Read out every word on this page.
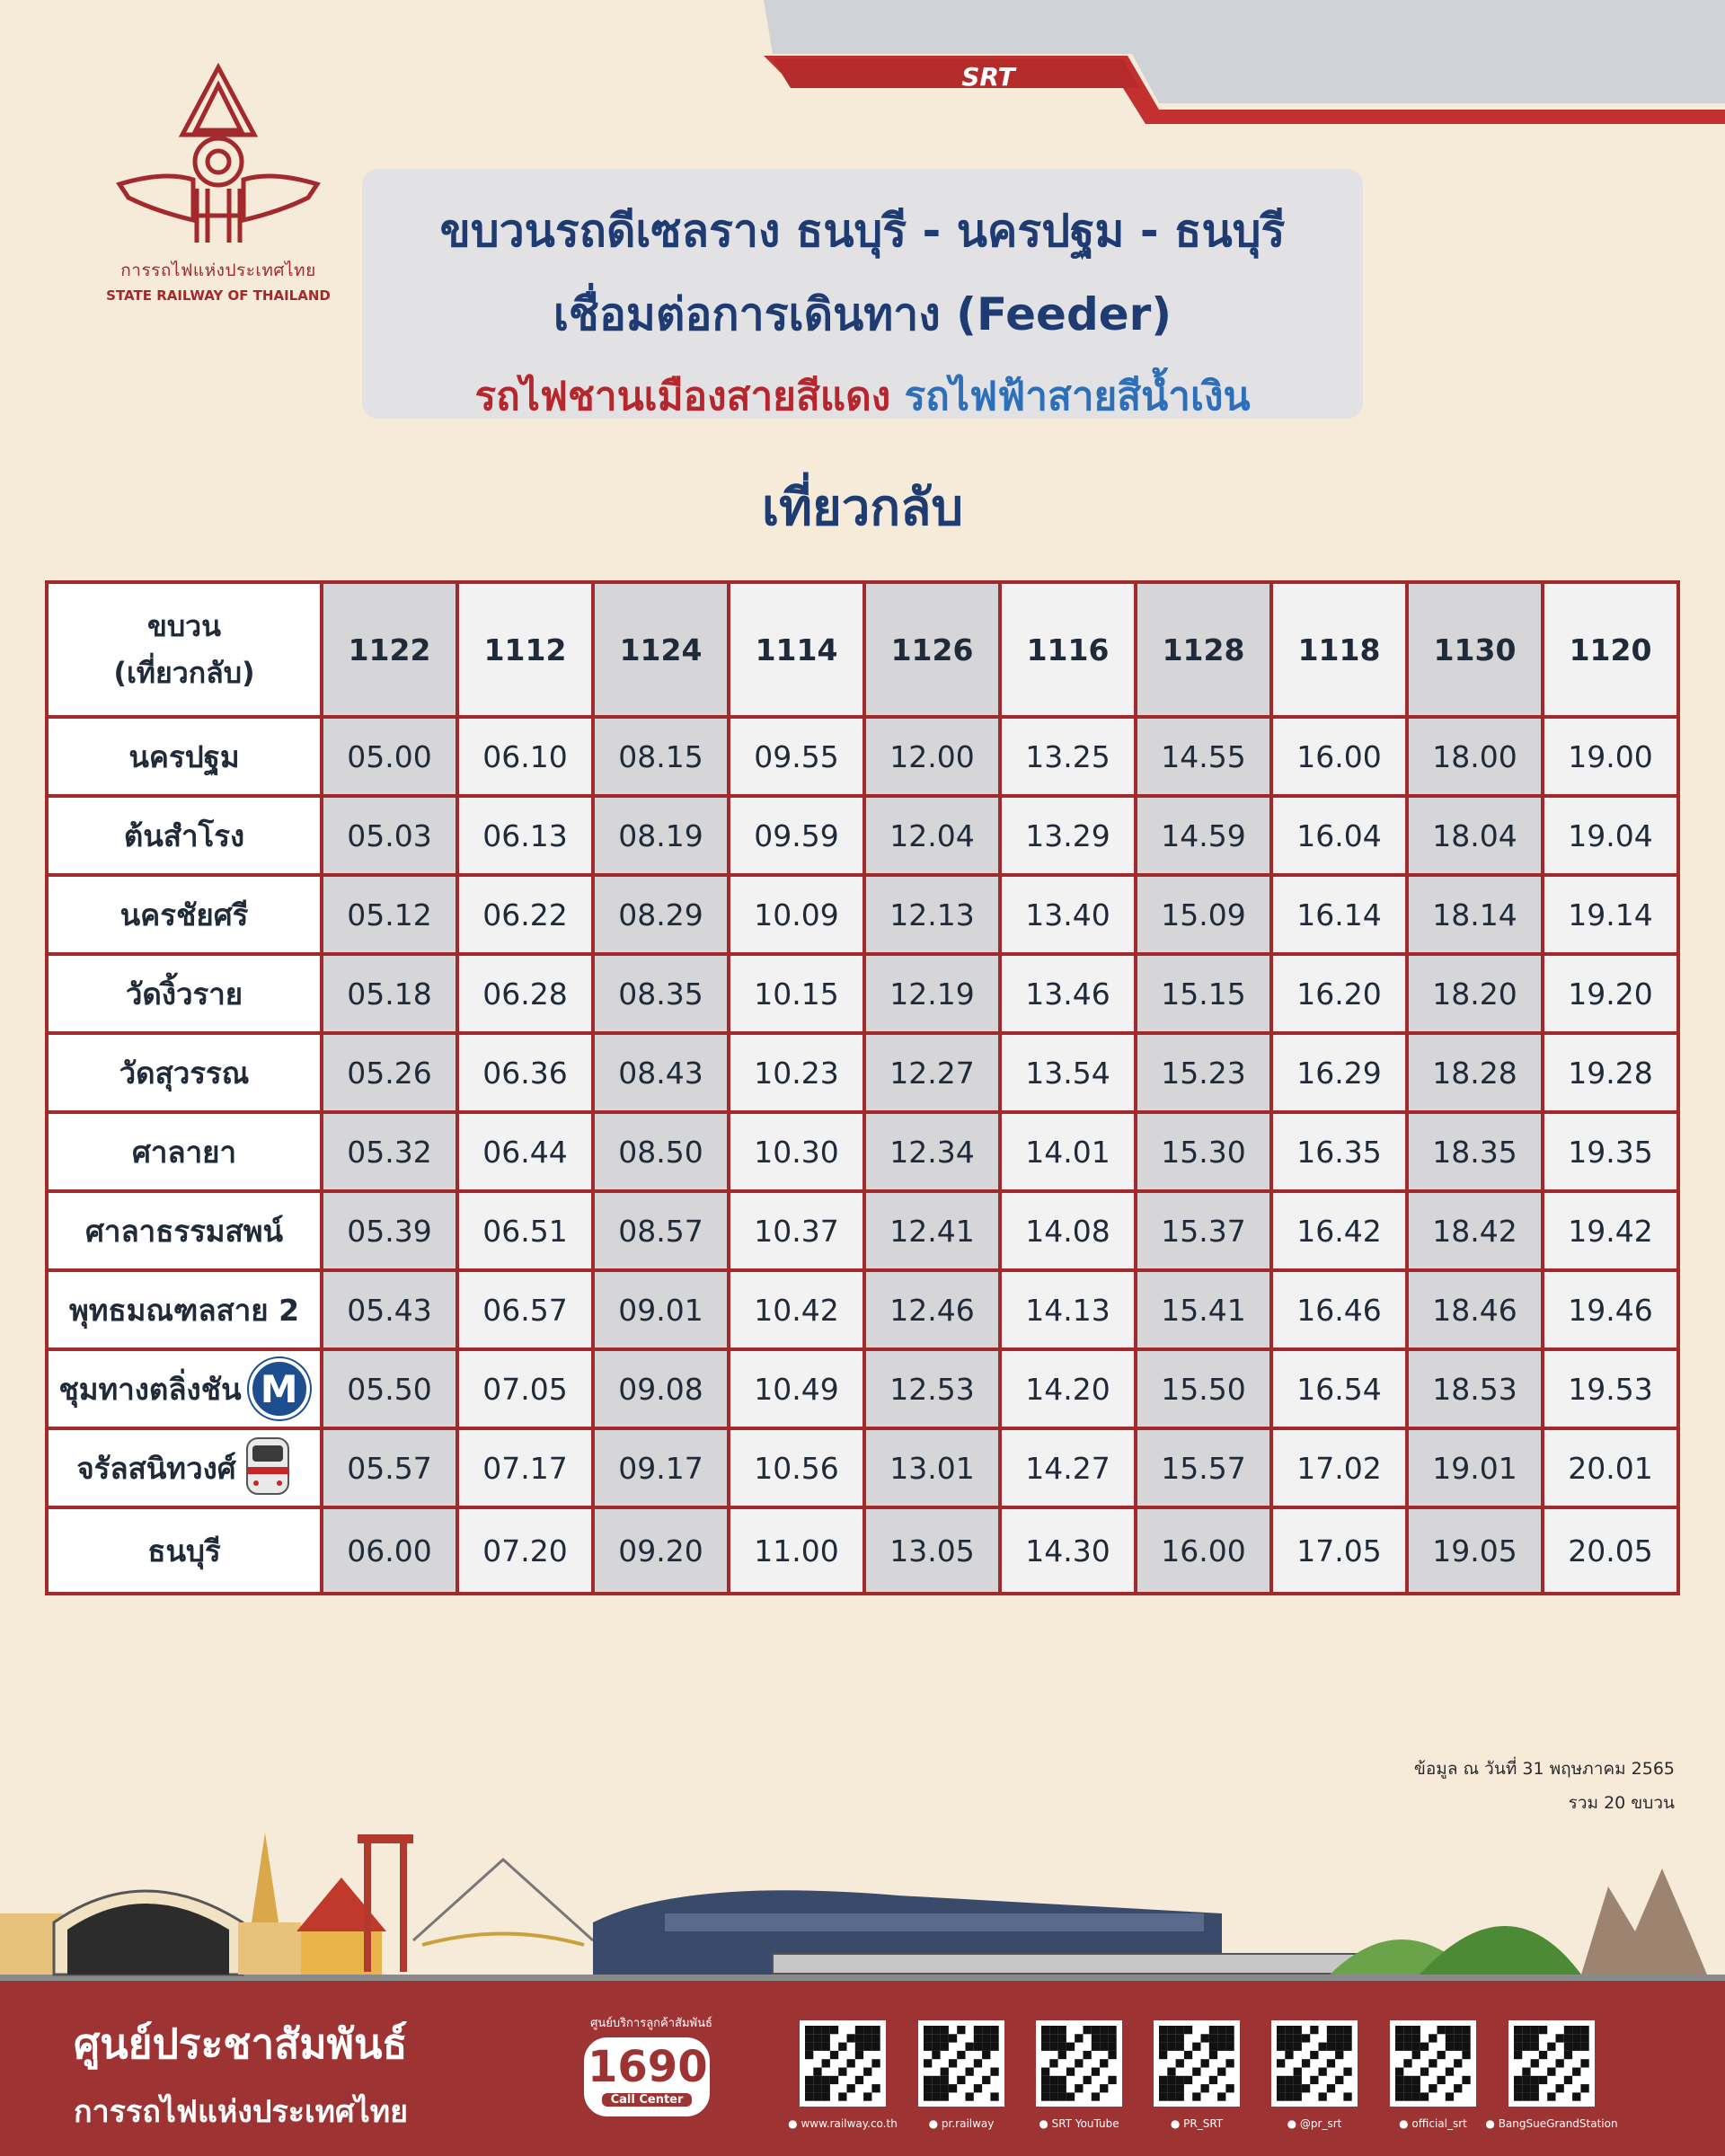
SRT
การรถไฟแห่งประเทศไทย
STATE RAILWAY OF THAILAND
ขบวนรถดีเซลราง ธนบุรี - นครปฐม - ธนบุรี
เชื่อมต่อการเดินทาง (Feeder)
รถไฟชานเมืองสายสีแดง รถไฟฟ้าสายสีน้ำเงิน
เที่ยวกลับ
ขบวน
(เที่ยวกลับ)	1122	1112	1124	1114	1126	1116	1128	1118	1130	1120

นครปฐม	05.00	06.10	08.15	09.55	12.00	13.25	14.55	16.00	18.00	19.00

ต้นสำโรง	05.03	06.13	08.19	09.59	12.04	13.29	14.59	16.04	18.04	19.04

นครชัยศรี	05.12	06.22	08.29	10.09	12.13	13.40	15.09	16.14	18.14	19.14

วัดงิ้วราย	05.18	06.28	08.35	10.15	12.19	13.46	15.15	16.20	18.20	19.20

วัดสุวรรณ	05.26	06.36	08.43	10.23	12.27	13.54	15.23	16.29	18.28	19.28

ศาลายา	05.32	06.44	08.50	10.30	12.34	14.01	15.30	16.35	18.35	19.35

ศาลาธรรมสพน์	05.39	06.51	08.57	10.37	12.41	14.08	15.37	16.42	18.42	19.42

พุทธมณฑลสาย 2	05.43	06.57	09.01	10.42	12.46	14.13	15.41	16.46	18.46	19.46

ชุมทางตลิ่งชัน M	05.50	07.05	09.08	10.49	12.53	14.20	15.50	16.54	18.53	19.53

จรัลสนิทวงศ์	05.57	07.17	09.17	10.56	13.01	14.27	15.57	17.02	19.01	20.01

ธนบุรี	06.00	07.20	09.20	11.00	13.05	14.30	16.00	17.05	19.05	20.05
ข้อมูล ณ วันที่ 31 พฤษภาคม 2565
รวม 20 ขบวน
ศูนย์ประชาสัมพันธ์
การรถไฟแห่งประเทศไทย
ศูนย์บริการลูกค้าสัมพันธ์
1690
Call Center
● www.railway.co.th	● pr.railway	● SRT YouTube	● PR_SRT	● @pr_srt	● official_srt	● BangSueGrandStation
